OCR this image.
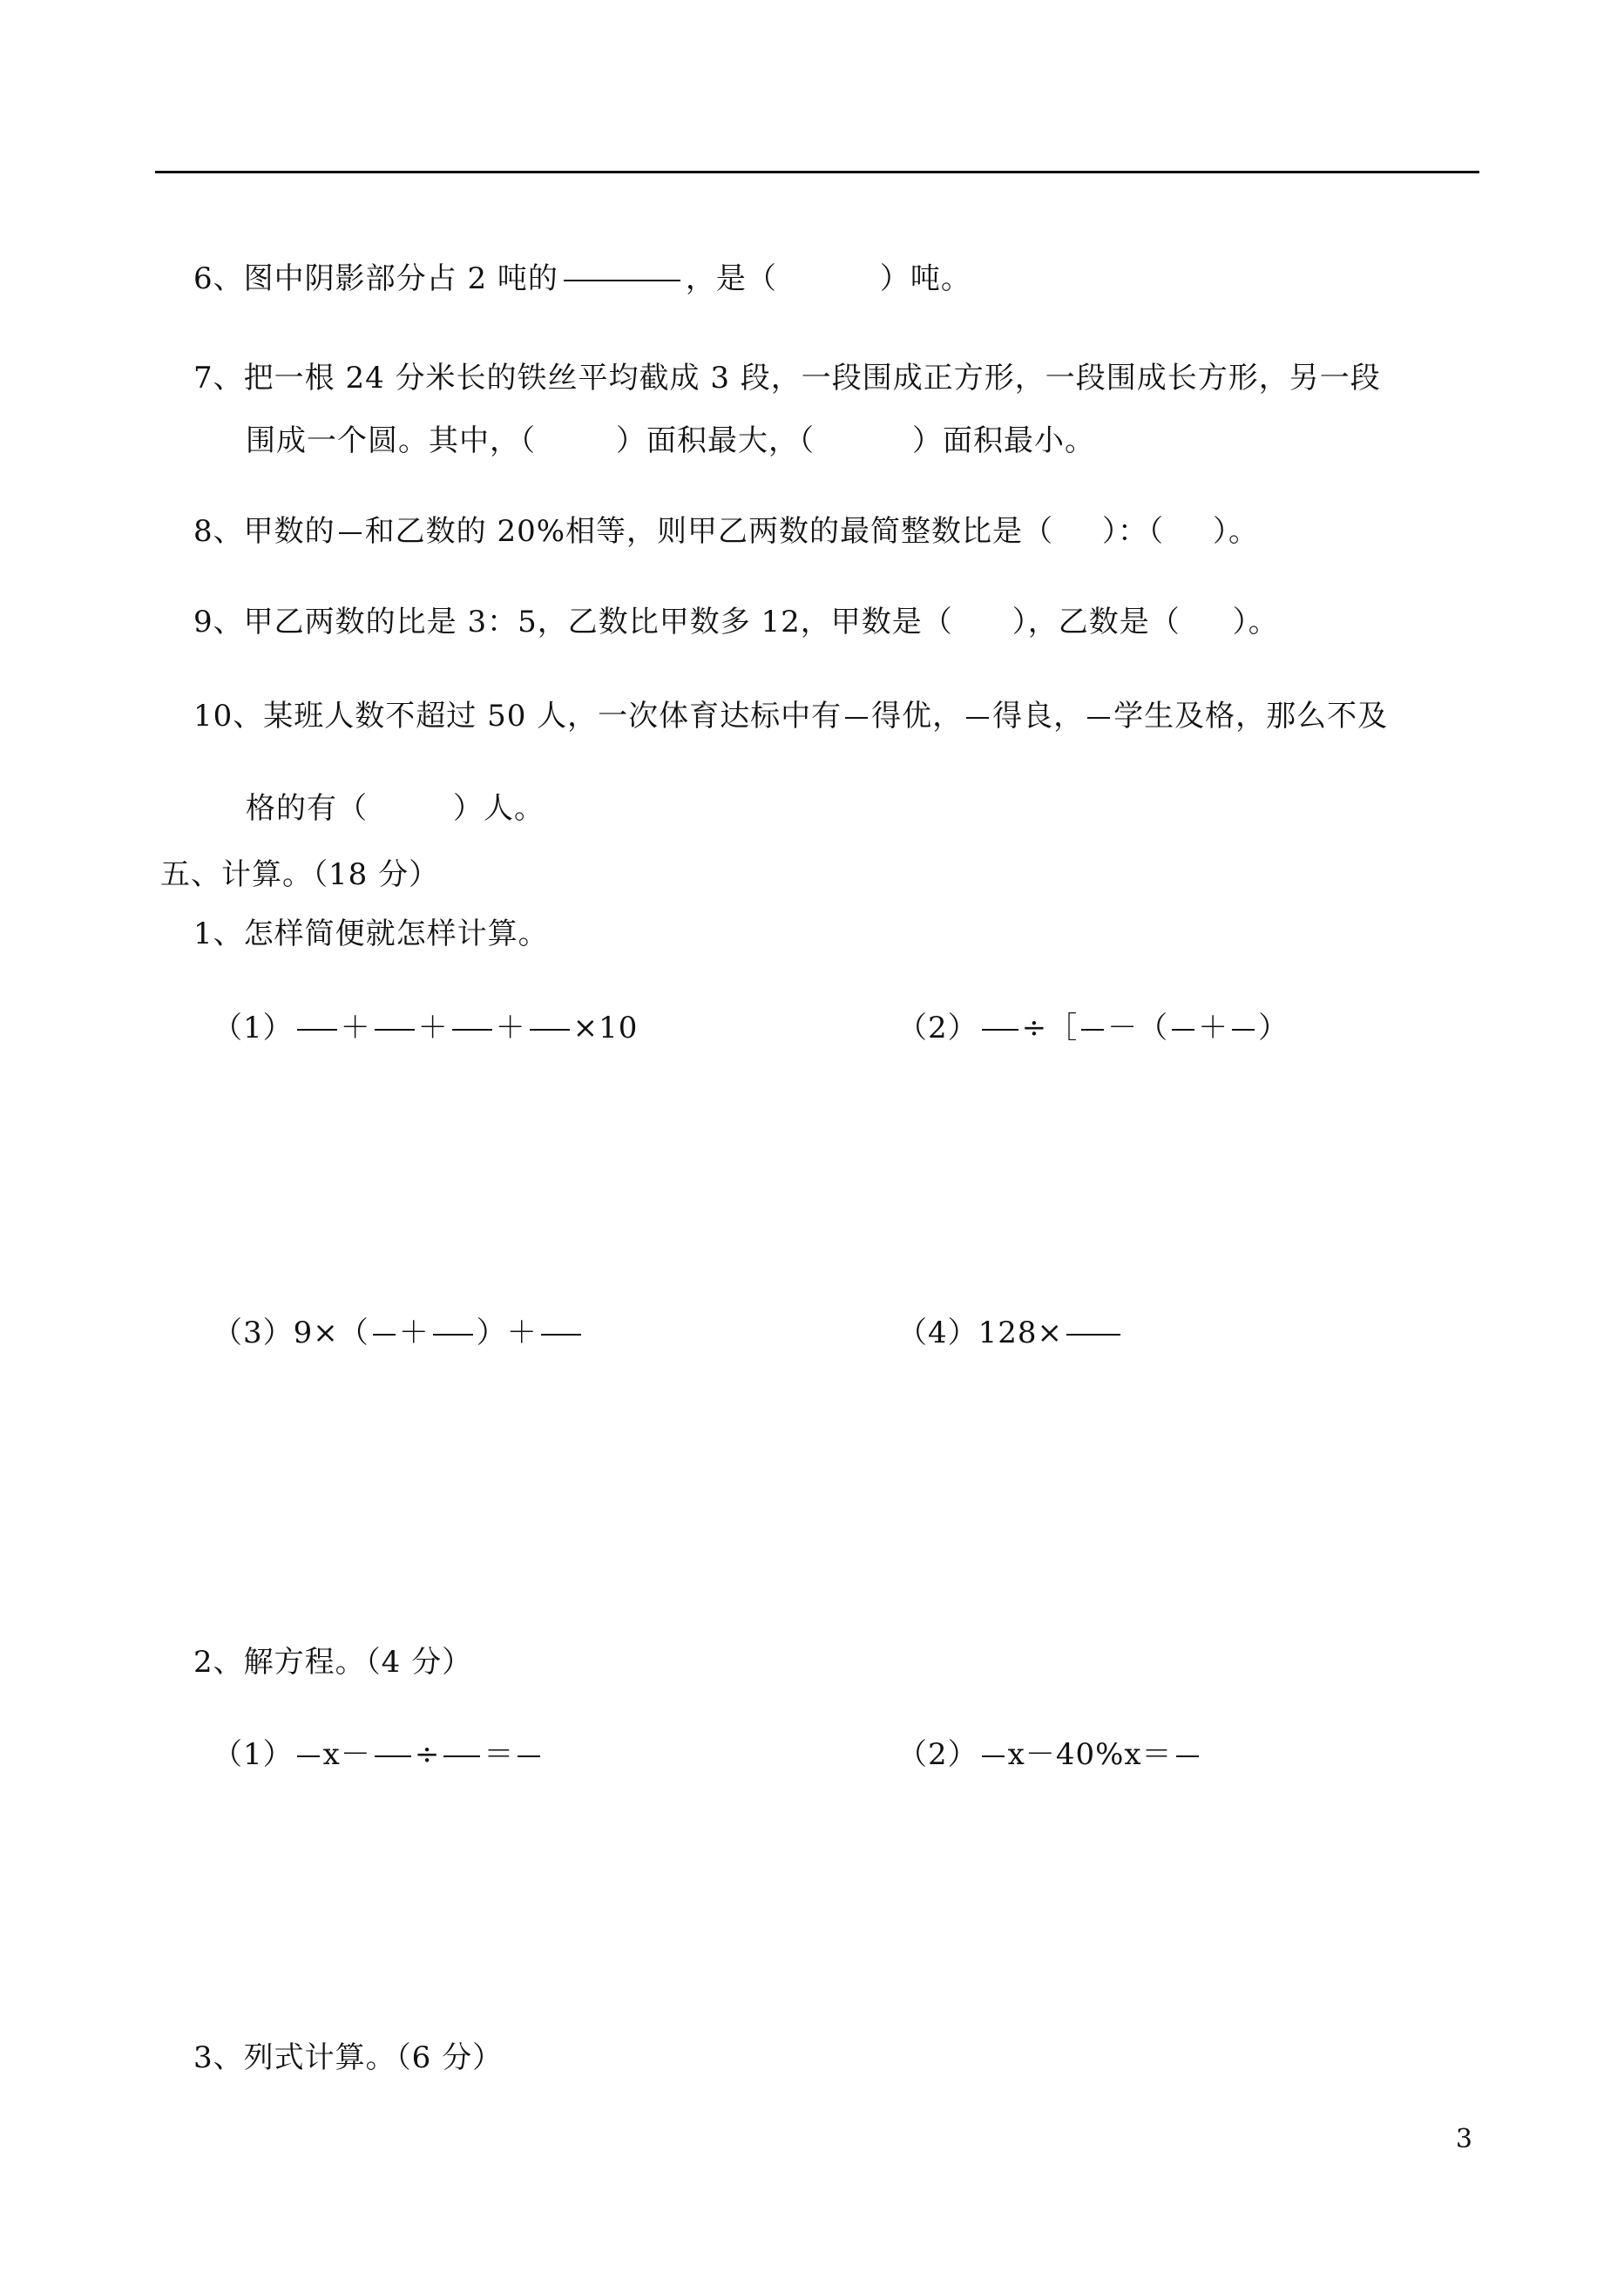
6、图中阴影部分占 2 吨的	，是（	）吨。
7、把一根 24 分米长的铁丝平均截成 3 段，一段围成正方形，一段围成长方形，另一段
围成一个圆。其中，（	）面积最大，（	）面积最小。
8、甲数的 和乙数的 20%相等，则甲乙两数的最简整数比是（ ）：（ ）。
9、甲乙两数的比是 3：5，乙数比甲数多 12，甲数是（ ），乙数是（ ）。
10、某班人数不超过 50 人，一次体育达标中有 得优， 得良， 学生及格，那么不及
格的有（	）人。
五、计算。（18 分）
1、怎样简便就怎样计算。
（1） ＋ ＋ ＋ ×10	（2） ÷［ －（ ＋ ）
（3）9×（ ＋ ）＋	（4）128×
2、解方程。（4 分）
（1） x－ ÷ ＝	（2） x－40%x＝
3、列式计算。（6 分）
3
